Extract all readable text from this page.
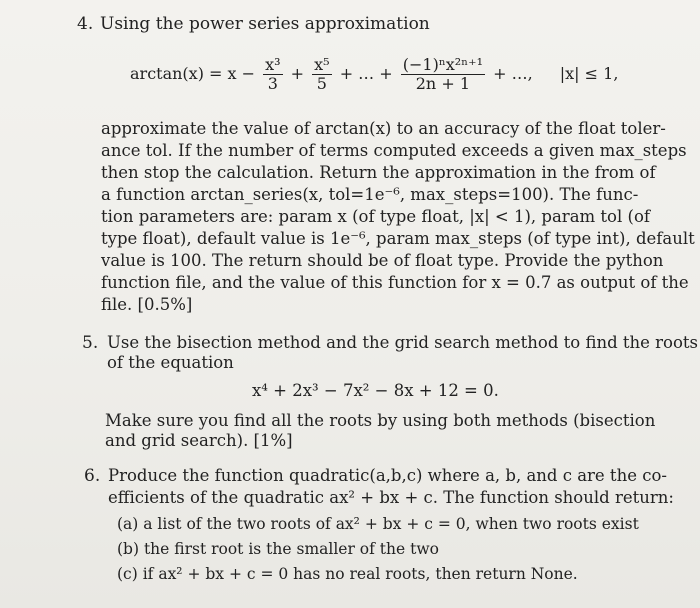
4. Using the power series approximation
$\arctan(x) = x - \frac{\text{x³}}{3} + \frac{\text{x⁵}}{5}$ + … + $\frac{\text{(−1)ⁿx²ⁿ⁺¹}}{2n + 1}$ + …, |x| ≤ 1,
approximate the value of arctan(x) to an accuracy of the float toler-
ance tol. If the number of terms computed exceeds a given max_steps
then stop the calculation. Return the approximation in the from of
a function arctan_series(x, tol=1e⁻⁶, max_steps=100). The func-
tion parameters are: param x (of type float, |x| < 1), param tol (of
type float), default value is 1e⁻⁶, param max_steps (of type int), default
value is 100. The return should be of float type. Provide the python
function file, and the value of this function for x = 0.7 as output of the
file. [0.5%]
5. Use the bisection method and the grid search method to find the roots
of the equation
x⁴ + 2x³ − 7x² − 8x + 12 = 0.
Make sure you find all the roots by using both methods (bisection
and grid search). [1%]
6. Produce the function quadratic(a,b,c) where a, b, and c are the co-
efficients of the quadratic ax² + bx + c. The function should return:
(a) a list of the two roots of ax² + bx + c = 0, when two roots exist
(b) the first root is the smaller of the two
(c) if ax² + bx + c = 0 has no real roots, then return None.
